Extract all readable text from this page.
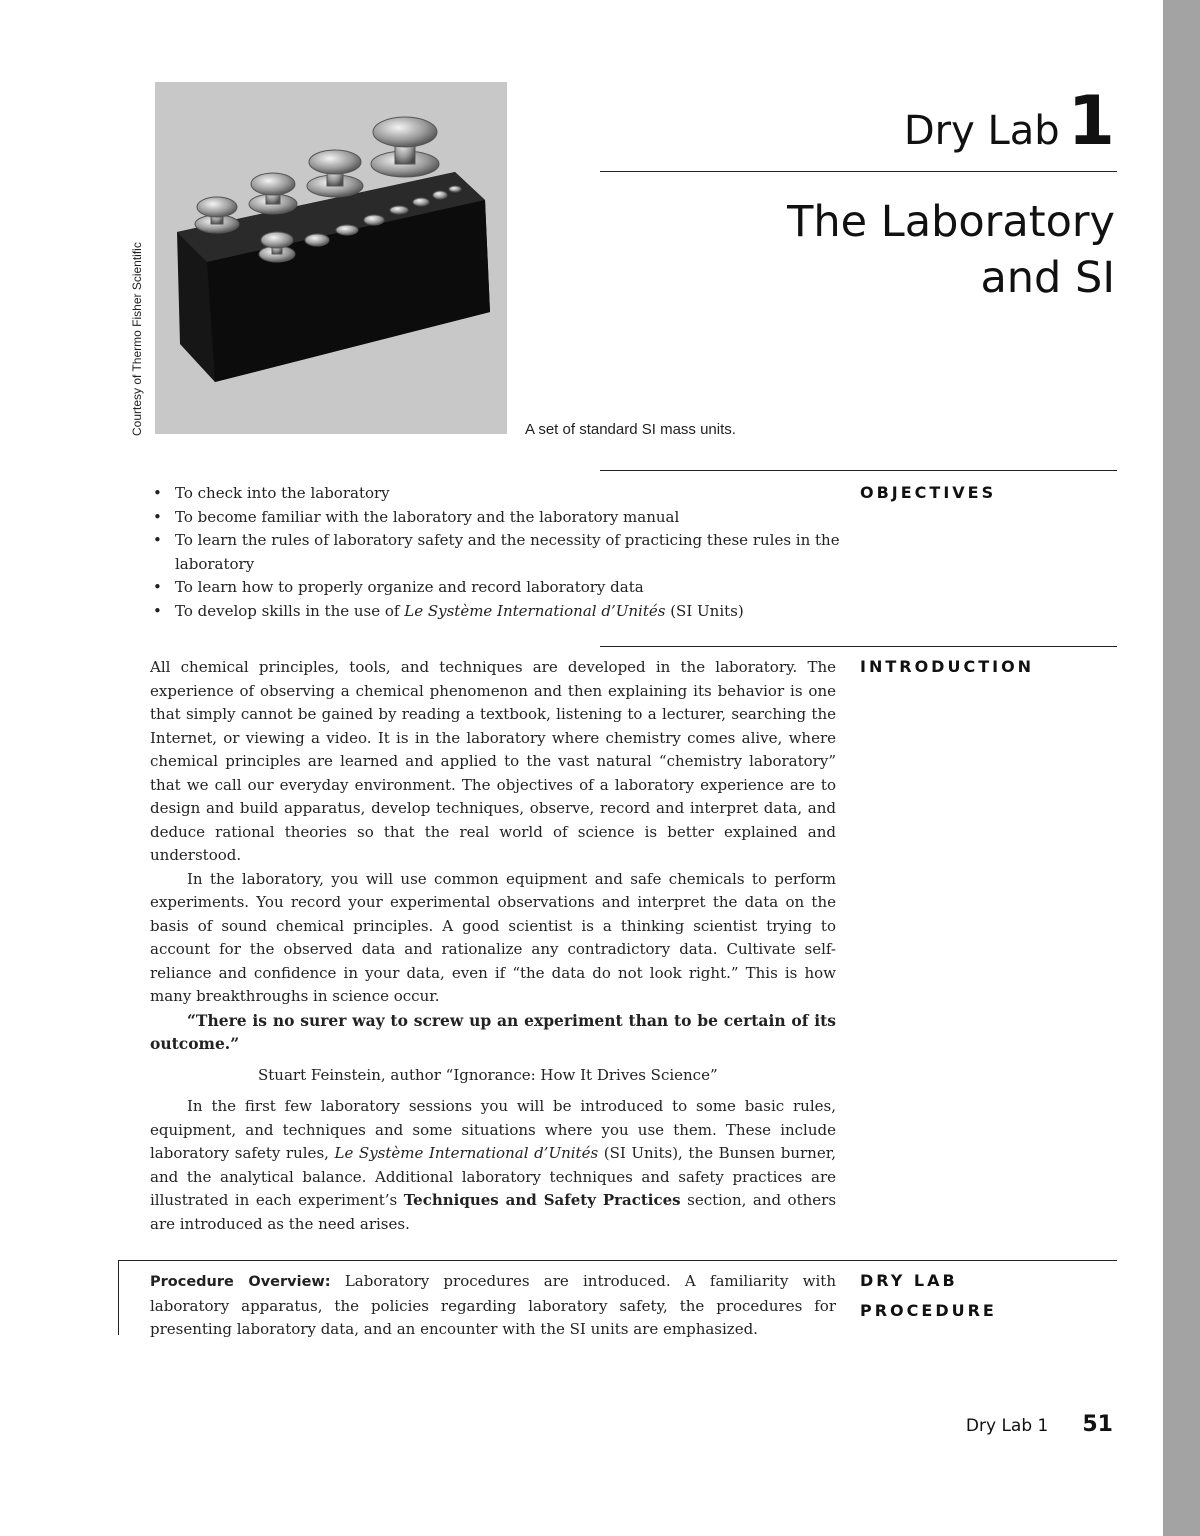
Courtesy of Thermo Fisher Scientific	A set of standard SI mass units.
Dry Lab 1
The Laboratory
and SI
OBJECTIVES
• To check into the laboratory
• To become familiar with the laboratory and the laboratory manual
• To learn the rules of laboratory safety and the necessity of practicing these rules in the laboratory
• To learn how to properly organize and record laboratory data
• To develop skills in the use of Le Système International d’Unités (SI Units)
INTRODUCTION

All chemical principles, tools, and techniques are developed in the laboratory. The experience of observing a chemical phenomenon and then explaining its behavior is one that simply cannot be gained by reading a textbook, listening to a lecturer, searching the Internet, or viewing a video. It is in the laboratory where chemistry comes alive, where chemical principles are learned and applied to the vast natural “chemistry laboratory” that we call our everyday environment. The objectives of a laboratory experience are to design and build apparatus, develop techniques, observe, record and interpret data, and deduce rational theories so that the real world of science is better explained and understood.

In the laboratory, you will use common equipment and safe chemicals to perform experiments. You record your experimental observations and interpret the data on the basis of sound chemical principles. A good scientist is a thinking scientist trying to account for the observed data and rationalize any contradictory data. Cultivate self-reliance and confidence in your data, even if “the data do not look right.” This is how many breakthroughs in science occur.

“There is no surer way to screw up an experiment than to be certain of its outcome.”

Stuart Feinstein, author “Ignorance: How It Drives Science”

In the first few laboratory sessions you will be introduced to some basic rules, equipment, and techniques and some situations where you use them. These include laboratory safety rules, Le Système International d’Unités (SI Units), the Bunsen burner, and the analytical balance. Additional laboratory techniques and safety practices are illustrated in each experiment’s Techniques and Safety Practices section, and others are introduced as the need arises.

DRY LAB
PROCEDURE
Procedure Overview: Laboratory procedures are introduced. A familiarity with laboratory apparatus, the policies regarding laboratory safety, the procedures for presenting laboratory data, and an encounter with the SI units are emphasized.
Dry Lab 1 51
